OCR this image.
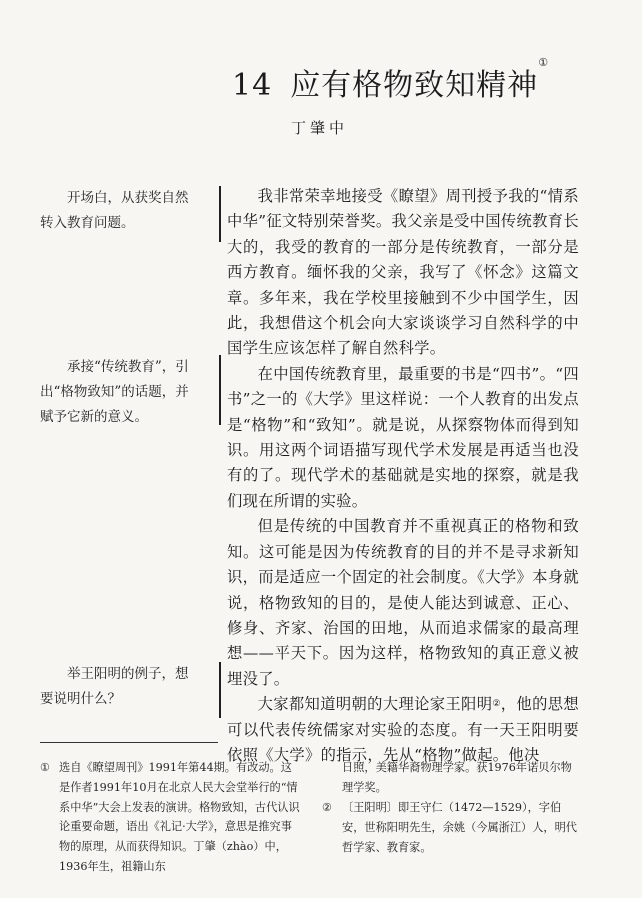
14 应有格物致知精神①
丁肇中

开场白，从获奖自然转入教育问题。

承接“传统教育”，引出“格物致知”的话题，并赋予它新的意义。

举王阳明的例子，想要说明什么？

我非常荣幸地接受《瞭望》周刊授予我的“情系中华”征文特别荣誉奖。我父亲是受中国传统教育长大的，我受的教育的一部分是传统教育，一部分是西方教育。缅怀我的父亲，我写了《怀念》这篇文章。多年来，我在学校里接触到不少中国学生，因此，我想借这个机会向大家谈谈学习自然科学的中国学生应该怎样了解自然科学。

在中国传统教育里，最重要的书是“四书”。“四书”之一的《大学》里这样说：一个人教育的出发点是“格物”和“致知”。就是说，从探察物体而得到知识。用这两个词语描写现代学术发展是再适当也没有的了。现代学术的基础就是实地的探察，就是我们现在所谓的实验。

但是传统的中国教育并不重视真正的格物和致知。这可能是因为传统教育的目的并不是寻求新知识，而是适应一个固定的社会制度。《大学》本身就说，格物致知的目的，是使人能达到诚意、正心、修身、齐家、治国的田地，从而追求儒家的最高理想——平天下。因为这样，格物致知的真正意义被埋没了。

大家都知道明朝的大理论家王阳明②，他的思想可以代表传统儒家对实验的态度。有一天王阳明要依照《大学》的指示，先从“格物”做起。他决

① 选自《瞭望周刊》1991年第44期。有改动。这是作者1991年10月在北京人民大会堂举行的“情系中华”大会上发表的演讲。格物致知，古代认识论重要命题，语出《礼记·大学》，意思是推究事物的原理，从而获得知识。丁肇（zhào）中，1936年生，祖籍山东
日照，美籍华裔物理学家。获1976年诺贝尔物理学奖。
② 〔王阳明〕即王守仁（1472—1529），字伯安，世称阳明先生，余姚（今属浙江）人，明代哲学家、教育家。
